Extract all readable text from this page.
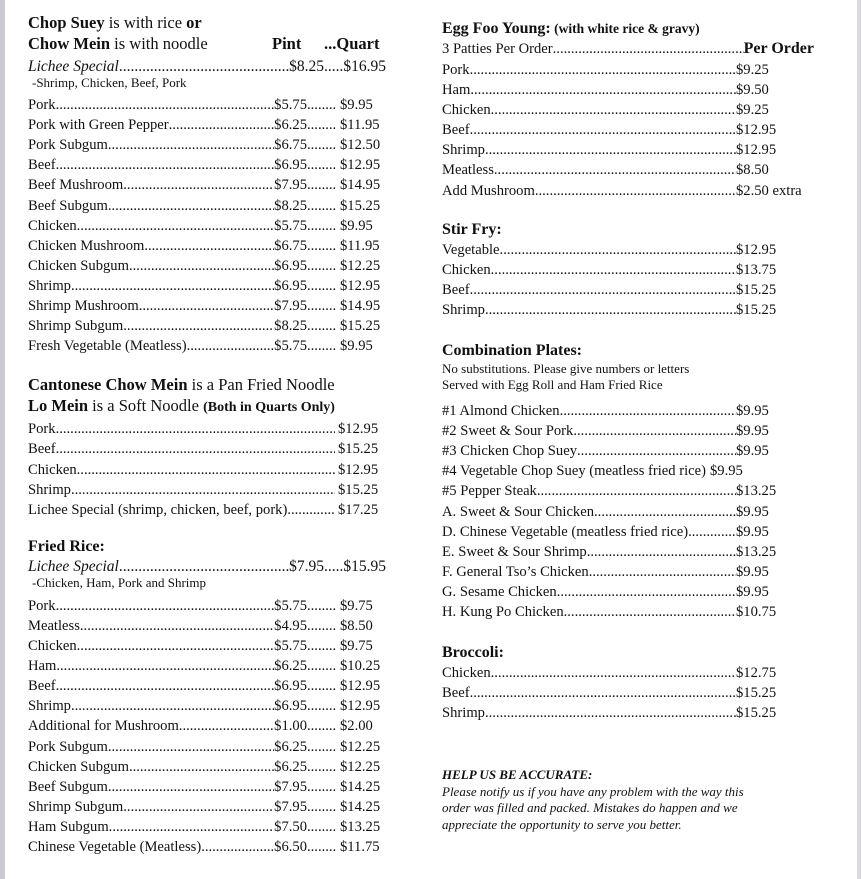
Chop Suey is with rice or
Chow Mein is with noodle	Pint	...Quart
Lichee Special .....	$8.25 ..... $16.95
-Shrimp, Chicken, Beef, Pork
Pork .....	$5.75 ..... $9.95
Pork with Green Pepper .....	$6.25 ..... $11.95
Pork Subgum .....	$6.75 ..... $12.50
Beef .....	$6.95 ..... $12.95
Beef Mushroom .....	$7.95 ..... $14.95
Beef Subgum .....	$8.25 ..... $15.25
Chicken .....	$5.75 ..... $9.95
Chicken Mushroom .....	$6.75 ..... $11.95
Chicken Subgum .....	$6.95 ..... $12.25
Shrimp .....	$6.95 ..... $12.95
Shrimp Mushroom .....	$7.95 ..... $14.95
Shrimp Subgum .....	$8.25 ..... $15.25
Fresh Vegetable (Meatless) .....	$5.75 ..... $9.95
Cantonese Chow Mein is a Pan Fried Noodle
Lo Mein is a Soft Noodle (Both in Quarts Only)
Pork .....	$12.95
Beef .....	$15.25
Chicken .....	$12.95
Shrimp .....	$15.25
Lichee Special (shrimp, chicken, beef, pork) .....	$17.25
Fried Rice:
Lichee Special .....	$7.95 ..... $15.95
-Chicken, Ham, Pork and Shrimp
Pork .....	$5.75 ..... $9.75
Meatless .....	$4.95 ..... $8.50
Chicken .....	$5.75 ..... $9.75
Ham .....	$6.25 ..... $10.25
Beef .....	$6.95 ..... $12.95
Shrimp .....	$6.95 ..... $12.95
Additional for Mushroom .....	$1.00 ..... $2.00
Pork Subgum .....	$6.25 ..... $12.25
Chicken Subgum .....	$6.25 ..... $12.25
Beef Subgum .....	$7.95 ..... $14.25
Shrimp Subgum .....	$7.95 ..... $14.25
Ham Subgum .....	$7.50 ..... $13.25
Chinese Vegetable (Meatless) .....	$6.50 ..... $11.75
Egg Foo Young: (with white rice & gravy)
3 Patties Per Order .....	Per Order
Pork .....	$9.25
Ham .....	$9.50
Chicken .....	$9.25
Beef .....	$12.95
Shrimp .....	$12.95
Meatless .....	$8.50
Add Mushroom .....	$2.50 extra
Stir Fry:
Vegetable .....	$12.95
Chicken .....	$13.75
Beef .....	$15.25
Shrimp .....	$15.25
Combination Plates:
No substitutions. Please give numbers or letters
Served with Egg Roll and Ham Fried Rice
#1 Almond Chicken .....	$9.95
#2 Sweet & Sour Pork .....	$9.95
#3 Chicken Chop Suey .....	$9.95
#4 Vegetable Chop Suey (meatless fried rice) $9.95
#5 Pepper Steak .....	$13.25
A. Sweet & Sour Chicken .....	$9.95
D. Chinese Vegetable (meatless fried rice) .....	$9.95
E. Sweet & Sour Shrimp .....	$13.25
F. General Tso’s Chicken .....	$9.95
G. Sesame Chicken .....	$9.95
H. Kung Po Chicken .....	$10.75
Broccoli:
Chicken .....	$12.75
Beef .....	$15.25
Shrimp .....	$15.25
HELP US BE ACCURATE:
Please notify us if you have any problem with the way this
order was filled and packed. Mistakes do happen and we
appreciate the opportunity to serve you better.
